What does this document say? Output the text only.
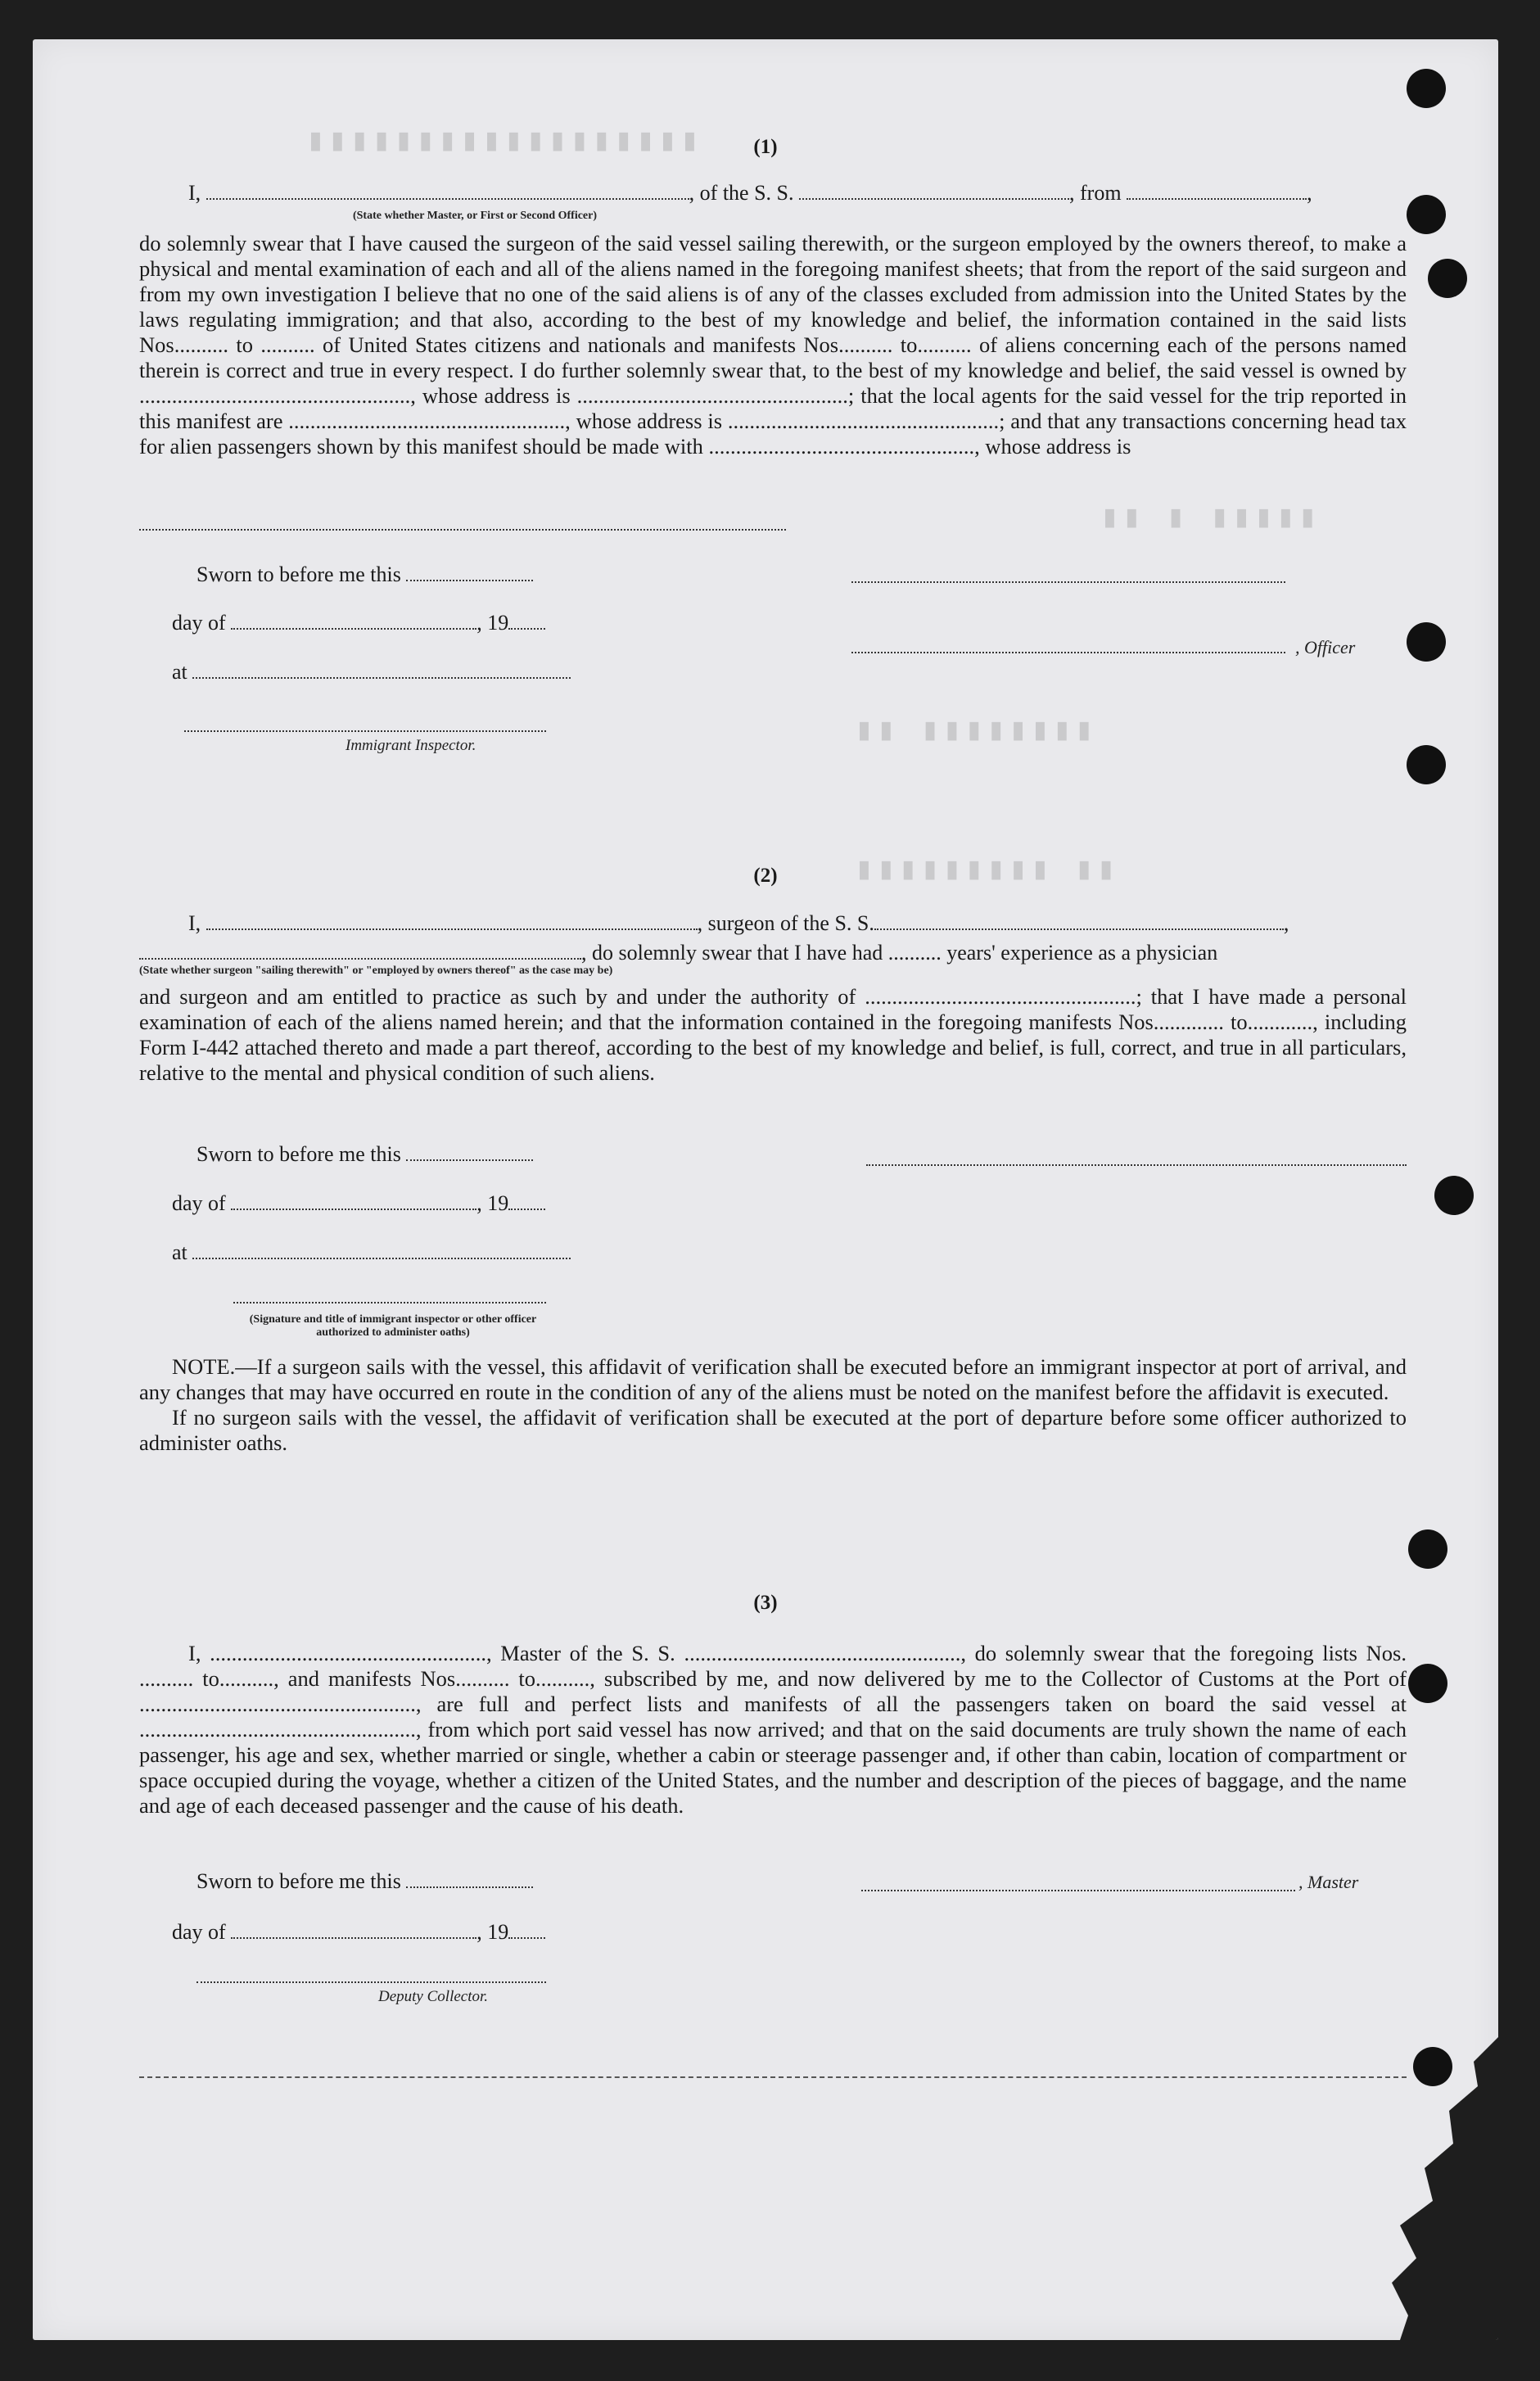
▮▮▮▮▮▮▮▮▮▮▮▮▮▮▮▮▮▮
▮▮▮▮▮ ▮ ▮▮
▮▮▮▮▮▮▮▮ ▮▮
▮▮ ▮▮▮▮▮▮▮▮▮
(1)
I,	, of the S. S.	, from	,
(State whether Master, or First or Second Officer)
do solemnly swear that I have caused the surgeon of the said vessel sailing therewith, or the surgeon employed by the owners thereof, to make a physical and mental examination of each and all of the aliens named in the foregoing manifest sheets; that from the report of the said surgeon and from my own investigation I believe that no one of the said aliens is of any of the classes excluded from admission into the United States by the laws regulating immigration; and that also, according to the best of my knowledge and belief, the information contained in the said lists Nos.......... to .......... of United States citizens and nationals and manifests Nos.......... to.......... of aliens concerning each of the persons named therein is correct and true in every respect. I do further solemnly swear that, to the best of my knowledge and belief, the said vessel is owned by .................................................., whose address is ..................................................; that the local agents for the said vessel for the trip reported in this manifest are ..................................................., whose address is ..................................................; and that any transactions concerning head tax for alien passengers shown by this manifest should be made with ................................................., whose address is
Sworn to before me this
day of	, 19
, Officer
at
Immigrant Inspector.
(2)
I,	, surgeon of the S. S.	,
, do solemnly swear that I have had .......... years' experience as a physician
(State whether surgeon "sailing therewith" or "employed by owners thereof" as the case may be)
and surgeon and am entitled to practice as such by and under the authority of ..................................................; that I have made a personal examination of each of the aliens named herein; and that the information contained in the foregoing manifests Nos............. to............, including Form I-442 attached thereto and made a part thereof, according to the best of my knowledge and belief, is full, correct, and true in all particulars, relative to the mental and physical condition of such aliens.
Sworn to before me this
day of	, 19
at
(Signature and title of immigrant inspector or other officer authorized to administer oaths)

NOTE.—If a surgeon sails with the vessel, this affidavit of verification shall be executed before an immigrant inspector at port of arrival, and any changes that may have occurred en route in the condition of any of the aliens must be noted on the manifest before the affidavit is executed.

If no surgeon sails with the vessel, the affidavit of verification shall be executed at the port of departure before some officer authorized to administer oaths.

(3)
I, ..................................................., Master of the S. S. ..................................................., do solemnly swear that the foregoing lists Nos. .......... to.........., and manifests Nos.......... to.........., subscribed by me, and now delivered by me to the Collector of Customs at the Port of ..................................................., are full and perfect lists and manifests of all the passengers taken on board the said vessel at ..................................................., from which port said vessel has now arrived; and that on the said documents are truly shown the name of each passenger, his age and sex, whether married or single, whether a cabin or steerage passenger and, if other than cabin, location of compartment or space occupied during the voyage, whether a citizen of the United States, and the number and description of the pieces of baggage, and the name and age of each deceased passenger and the cause of his death.
Sworn to before me this	, Master
day of	, 19
Deputy Collector.
